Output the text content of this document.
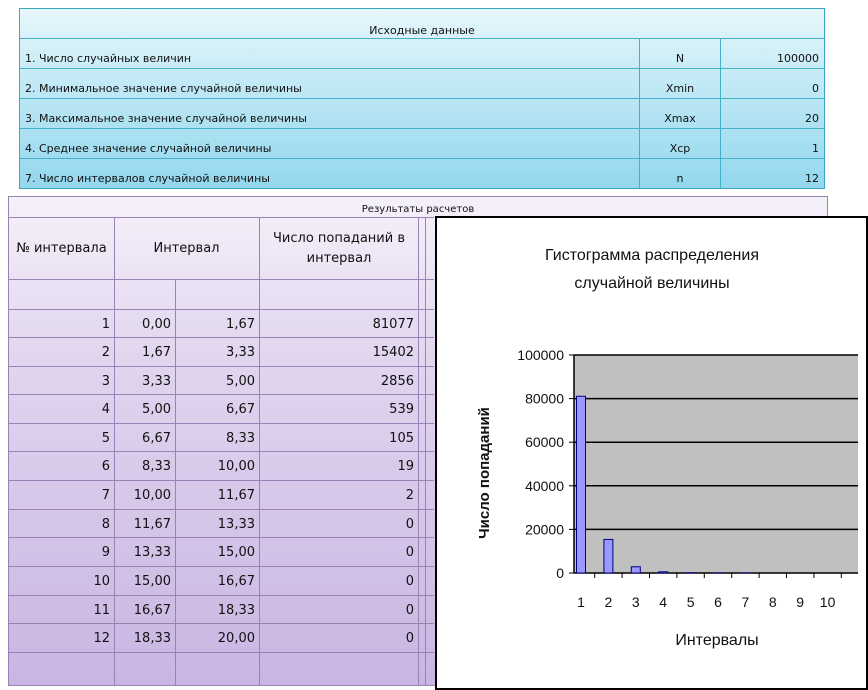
Исходные данные
1. Число случайных величин	N	100000
2. Минимальное значение случайной величины	Xmin	0
3. Максимальное значение случайной величины	Xmax	20
4. Среднее значение случайной величины	Xcp	1
7. Число интервалов случайной величины	n	12
Результаты расчетов
№ интервала	Интервал
Число попаданий в интервал
1	0,00	1,67	81077
2	1,67	3,33	15402
3	3,33	5,00	2856
4	5,00	6,67	539
5	6,67	8,33	105
6	8,33	10,00	19
7	10,00	11,67	2
8	11,67	13,33	0
9	13,33	15,00	0
10	15,00	16,67	0
11	16,67	18,33	0
12	18,33	20,00	0
Гистограмма распределения
случайной величины
0
20000
40000
60000
80000
100000
1 2 3 4 5 6 7 8 9 10
Интервалы
Число попаданий
